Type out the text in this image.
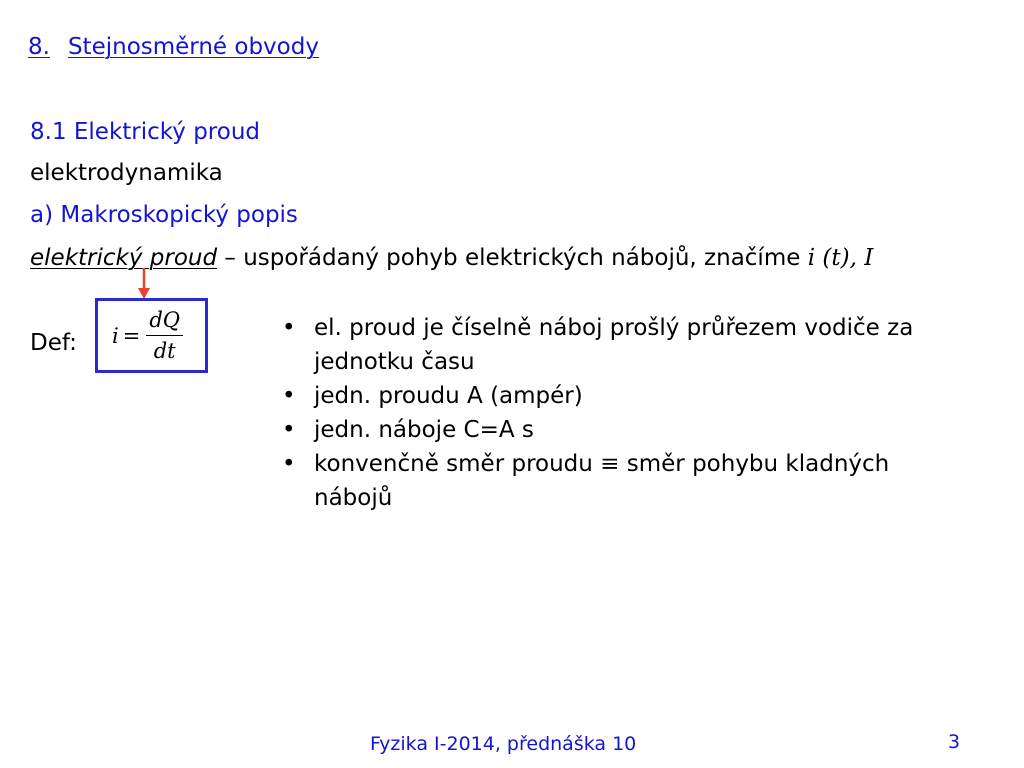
8. Stejnosměrné obvody
8.1 Elektrický proud
elektrodynamika
a) Makroskopický popis
elektrický proud – uspořádaný pohyb elektrických nábojů, značíme i (t), I
Def: $i = \frac{dQ}{dt}$	• el. proud je číselně náboj prošlý průřezem vodiče za
jednotku času
• jedn. proudu A (ampér)
• jedn. náboje C=A s
• konvenčně směr proudu ≡ směr pohybu kladných
nábojů
Fyzika I-2014, přednáška 10	3
